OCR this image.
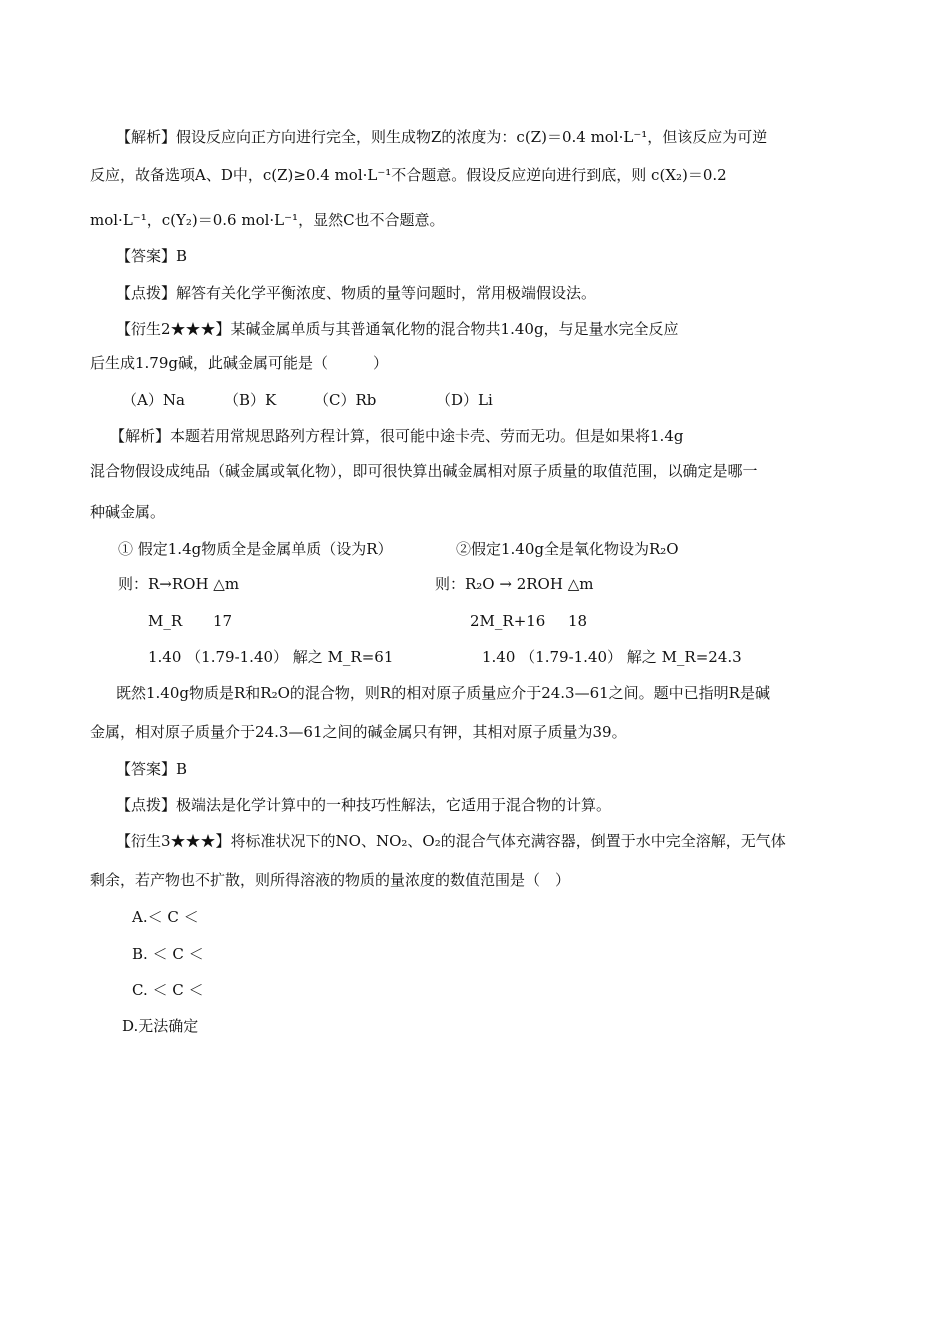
【解析】假设反应向正方向进行完全，则生成物Z的浓度为：c(Z)＝0.4 mol·L⁻¹，但该反应为可逆
反应，故备选项A、D中，c(Z)≥0.4 mol·L⁻¹不合题意。假设反应逆向进行到底，则 c(X₂)＝0.2
mol·L⁻¹，c(Y₂)＝0.6 mol·L⁻¹，显然C也不合题意。
【答案】B
【点拨】解答有关化学平衡浓度、物质的量等问题时，常用极端假设法。
【衍生2★★★】某碱金属单质与其普通氧化物的混合物共1.40g，与足量水完全反应
后生成1.79g碱，此碱金属可能是（　　　）
（A）Na	（B）K	（C）Rb	（D）Li
【解析】本题若用常规思路列方程计算，很可能中途卡壳、劳而无功。但是如果将1.4g
混合物假设成纯品（碱金属或氧化物），即可很快算出碱金属相对原子质量的取值范围，以确定是哪一
种碱金属。
① 假定1.4g物质全是金属单质（设为R）	②假定1.40g全是氧化物设为R₂O
则：R→ROH △m	则：R₂O → 2ROH △m
M_R 17	2M_R+16 18
1.40 （1.79-1.40） 解之 M_R=61	1.40 （1.79-1.40） 解之 M_R=24.3
既然1.40g物质是R和R₂O的混合物，则R的相对原子质量应介于24.3—61之间。题中已指明R是碱
金属，相对原子质量介于24.3—61之间的碱金属只有钾，其相对原子质量为39。
【答案】B
【点拨】极端法是化学计算中的一种技巧性解法，它适用于混合物的计算。
【衍生3★★★】将标准状况下的NO、NO₂、O₂的混合气体充满容器，倒置于水中完全溶解，无气体
剩余，若产物也不扩散，则所得溶液的物质的量浓度的数值范围是（　）
A.＜ C ＜
B. ＜ C ＜
C. ＜ C ＜
D.无法确定
